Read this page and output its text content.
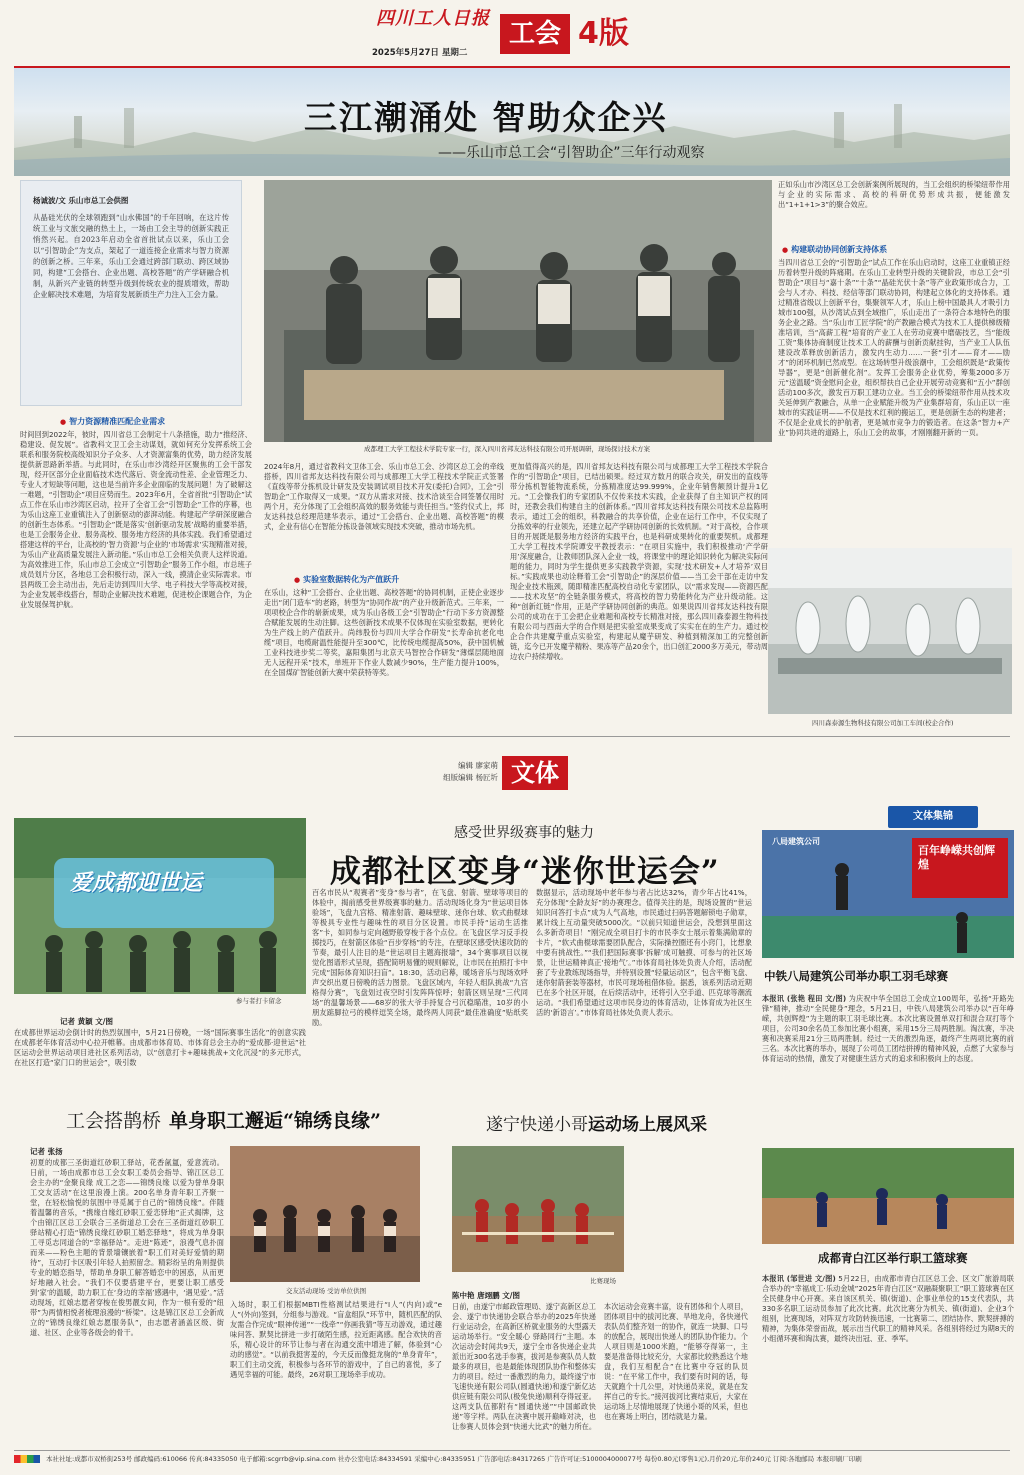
四川工人日报
2025年5月27日 星期二
工会 4版
三江潮涌处 智助众企兴
——乐山市总工会“引智助企”三年行动观察
杨诚波/文 乐山市总工会供图
从晶硅光伏的全球领跑到“山水佛国”的千年回响，在这片传统工业与文旅交融的热土上，一场由工会主导的创新实践正悄然兴起。自2023年启动全省首批试点以来，乐山工会以“引智助企”为支点，架起了一道连接企业需求与智力资源的创新之桥。三年来，乐山工会通过跨部门联动、跨区域协同，构建“工会搭台、企业出题、高校答题”的产学研融合机制，从新兴产业链的转型升级到传统农业的提质增效，帮助企业解决技术难题，为培育发展新质生产力注入工会力量。
成都理工大学工程技术学院专家一行，深入四川省邦友达科技有限公司开展调研，现场探讨技术方案
● 智力资源精准匹配企业需求
时间回到2022年，彼时，四川省总工会制定十八条措施，助力“推经济、稳建设、促发展”。省教科文卫工会主动谋划，就如何充分发挥系统工会联系和服务院校高级知识分子众多、人才资源富集的优势，助力经济发展提供新思路新举措。与此同时，在乐山市沙湾经开区聚焦的工会干部发现，经开区部分企业面临技术迭代落后、资金流动性差、企业管理乏力、专业人才短缺等问题，这也是当前许多企业面临的发展问题！为了破解这一难题，“引智助企”项目应势而生。2023年6月，全省首批“引智助企”试点工作在乐山市沙湾区启动，拉开了全省工会“引智助企”工作的序幕，也为乐山这座工业重镇注入了创新驱动的澎湃动能。构建起产学研深度融合的创新生态体系。“引智助企”既是落实‘创新驱动发展’战略的重要举措，也是工会服务企业、服务高校、服务地方经济的具体实践。我们希望通过搭建这样的平台，让高校的‘智力资源’与企业的‘市场需求’实现精准对接，为乐山产业高质量发展注入新动能。”乐山市总工会相关负责人这样说道。为高效推进工作，乐山市总工会成立“引智助企”服务工作小组，市总班子成员划片分区，各地总工会积极行动，深入一线，摸清企业实际需求。市县两级工会主动出击，先后走访到四川大学、电子科技大学等高校对接，为企业发展牵线搭台，帮助企业解决技术难题，促进校企课题合作，为企业发展保驾护航。
2024年8月，通过省教科文卫体工会、乐山市总工会、沙湾区总工会的牵线搭桥，四川省邦友达科技有限公司与成都理工大学工程技术学院正式签署《直线等带分拣机设计研发及安装调试项目技术开发(委托)合同》，工会“引智助企”工作取得又一成果。“双方从需求对接、技术洽谈至合同签署仅用时两个月，充分体现了工会组织高效的服务效能与责任担当。”签约仪式上，邦友达科技总经理范建华表示，通过“工会搭台、企业出题、高校答题”的模式，企业有信心在智能分拣设备领域实现技术突破，推动市场先机。
● 实验室数据转化为产值跃升
在乐山，这种“工会搭台、企业出题、高校答题”的协同机制，正使企业逐步走出“闭门造车”的老路，转型为“协同作战”的产业升级新范式。三年来，一项项校企合作的崭新成果，成为乐山各级工会“引智助企”行动下多方资源整合赋能发展的生动注脚。这些创新技术成果不仅体现在实验室数据，更转化为生产线上的产值跃升。尚纬股份与四川大学合作研发“长寿命抗老化电缆”项目，电缆耐温性能提升至300℃，比传统电缆提高50%，获中国机械工业科技进步奖二等奖，嘉阳集团与北京天马智控合作研发“薄煤层随地面无人远程开采”技术，单班开下作业人数减少90%，生产能力提升100%，在全国煤矿智能创新大赛中荣获特等奖。
更加值得高兴的是，四川省邦友达科技有限公司与成都理工大学工程技术学院合作的“引智助企”项目，已结出硕果。经过双方数月的联合攻关，研发出的直线等带分拣机智能物流系统，分拣精准度达99.999%，企业年销售额预计提升1亿元。“工会像我们的专家团队不仅传来技术实践，企业获得了自主知识产权的同时，还教会我们构建自主的创新体系。”四川省邦友达科技有限公司技术总监陈明表示，通过工会的组织，科教融合的共享价值，企业在运行工作中，不仅实现了分拣效率的行业领先，还建立起产学研协同创新的长效机制。“对于高校，合作项目的开展既是服务地方经济的实践平台，也是科研成果转化的重要契机。成都理工大学工程技术学院谭安平教授表示：“在项目实施中，我们积极推动‘产学研用’深度融合，让教师团队深入企业一线，将课堂中的理论知识转化为解决实际问题的能力，同时为学生提供更多实践教学资源，实现‘技术研发+人才培养’双目标。”实践成果也动诠释着工会“引智助企”的深层价值——当工会干部在走访中发现企业技术瓶颈，随即精准匹配高校自动化专家团队，以“需求发现——资源匹配——技术攻坚”的全链条服务模式，将高校的智力势能转化为产业升级动能。这种“创新红链”作用，正是产学研协同创新的典范。如果说四川省邦友达科技有限公司的成功在于工会把企业难题和高校专长精准对接，那么四川森泰源生物科技有限公司与西南大学的合作则是把实验室成果变成了实实在在的生产力。通过校企合作共建魔芋重点实验室，构建起从魔芋研发、种植到精深加工的完整创新链，迄今已开发魔芋精粉、果冻等产品20余个，出口创汇2000多万美元，带动周边农户持续增收。
正如乐山市沙湾区总工会创新案例所展现的，当工会组织的桥梁纽带作用与企业的实际需求、高校的科研优势形成共振，便能激发出“1+1+1>3”的聚合效应。
● 构建联动协同创新支持体系
当四川省总工会的“引智助企”试点工作在乐山启动时，这座工业重镇正经历着转型升级的阵痛期。在乐山工业转型升级的关键阶段，市总工会“引智助企”项目与“嘉十条”“十条”“晶硅光伏十条”等产业政策形成合力，工会与人才办、科技、经信等部门联动协同，构建起立体化的支持体系。通过精准省级以上创新平台，集聚领军人才，乐山上榜中国最具人才吸引力城市100强，从沙湾试点到全域推广，乐山走出了一条符合本地特色的服务企业之路。当“乐山市工匠学院”的产教融合模式为技术工人提供梯级精准培训，当“高薪工程”培育的产业工人在劳动竞赛中磨砺技艺，当“能级工资”集体协商制度让技术工人的薪酬与创新贡献挂钩，当产业工人队伍建设改革释放创新活力，激发内生动力……一套“引才——育才——励才”的闭环机制已然成型。在这场转型升级浪潮中，工会组织既是“政策传导器”，更是“创新催化剂”。发挥工会服务企业优势，筹集2000多万元“送温暖”资金慰问企业，组织帮扶自己企业开展劳动竞赛和“五小”群创活动100多次，激发百万职工建功立业。当工会的桥梁纽带作用从技术攻关延伸到产教融合，从单一企业赋能升级为产业集群培育，乐山正以一座城市的实践证明——不仅是技术红利的搬运工，更是创新生态的构建者；不仅是企业成长的护航者，更是城市竞争力的锻造者。在这条“智力+产业”协同共进的道路上，乐山工会的故事，才刚刚翻开新的一页。
四川森泰源生物科技有限公司加工车间(校企合作)
编辑 廖家萌
组版编辑 杨匠圻 文体
爱成都迎世运
参与者打卡留念
感受世界级赛事的魅力
成都社区变身“迷你世运会”
记者 黄颖 文/图
在成都世界运动会倒计时的热烈氛围中，5月21日傍晚，一场“国际赛事生活化”的创意实践在成都老年体育活动中心拉开帷幕。由成都市体育局、市体育总会主办的“爱成都·迎世运”社区运动会世界运动项目进社区系列活动，以“创意打卡+趣味挑战+文化沉浸”的多元形式，在社区打造“家门口的世运会”，吸引数
百名市民从“观赛者”变身“参与者”，在飞盘、射箭、壁球等项目的体验中，揭前感受世界级赛事的魅力。活动现场化身为“世运项目体验场”，飞盘九宫格、精准射箭、趣味壁球、迷你台球、软式曲棍球等极具专业性与趣味性的项目分区设置。市民手持“运动生活推客”卡，如同参与定向越野般穿梭于各个点位。在飞盘区学习反手投掷技巧，在射箭区体验“百步穿杨”的专注，在壁球区感受快速攻防的节奏，最引人注目的是“世运项目主题海报墙”，34个赛事项目以视觉化图谱形式呈现，搭配简明易懂的规则解说，让市民在拍照打卡中完成“国际体育知识扫盲”。18:30，活动启幕，暖场音乐与现场欢呼声交织出夏日傍晚的活力图景。飞盘区域内，年轻人组队挑战“九宫格得分赛”，飞盘划过夜空时引发阵阵惊呼；射箭区则呈现“三代同场”的温馨场景——68岁的张大爷手持复合弓沉稳瞄准，10岁的小朋友踮脚拉弓的模样逗笑全场，最终两人同获“最佳准确度”贴纸奖励。
数据显示，活动现场中老年参与者占比达32%，青少年占比41%，充分体现“全龄友好”的办赛理念。值得关注的是，现场设置的“世运知识问答打卡点”成为人气高地，市民通过扫码答题解锁电子勋章，累计线上互动量突破5000次。“以前只知道世运会，没想到里面这么多新奇项目！”刚完成全项目打卡的市民李女士展示着集满勋章的卡片，“软式曲棍球需要团队配合，实际操控圈还有小窍门，比想象中要有挑战性。”“我们把国际赛事‘拆解’成可触摸、可参与的社区场景，让世运精神真正‘接地气’。”市体育局社体处负责人介绍，活动配套了专业教练现场指导，并特别设置“轻量运动区”，包含平衡飞盘、迷你射箭套装等器材，市民可现场租借体验。据悉，该系列活动近期已在多个社区开展，在后续活动中，还将引入空手道、匹克球等潮流运动。“我们希望通过这项市民身边的体育活动，让体育成为社区生活的‘新语言’。”市体育局社体处负责人表示。
文体集锦
百年峥嵘共创辉煌
八局建筑公司
中铁八局建筑公司举办职工羽毛球赛
本报讯 (张艳 程田 文/图) 为庆祝中华全国总工会成立100周年，弘扬“开路先锋”精神，推动“全民健身”理念，5月21日，中铁八局建筑公司举办以“百年峥嵘，共创辉煌”为主题的职工羽毛球比赛。本次比赛设置单双打和混合双打等个项目，公司30余名员工参加比赛小组赛，采用15分三局两胜制。淘汰赛，半决赛和决赛采用21分三局两胜制。经过一天的激烈角逐，最终产生两项比赛的前三名。本次比赛的举办，展现了公司员工团结拼搏的精神风貌，点燃了大家参与体育运动的热情，激发了对健康生活方式的追求和积极向上的态度。
成都青白江区举行职工篮球赛
本报讯 (邹世进 文/图) 5月22日，由成都市青白江区总工会、区文广旅游局联合举办的“幸福成工·乐动金城”2025年青白江区“双融凝聚职工”职工篮球赛在区全民健身中心开赛。来自该区机关、镇(街道)、企事业单位的15支代表队，共330多名职工运动员参加了此次比赛。此次比赛分为机关、镇(街道)、企业3个组别，比赛现场，对阵双方攻防转换迅速，一比赛第二、团结协作、默契拼搏的精神，为集体荣誉而战，展示出当代职工的精神风采。各组别将经过为期8天的小组循环赛和淘汰赛，最终决出冠、亚、季军。
工会搭鹊桥 单身职工邂逅“锦绣良缘”
记者 张扬
初夏的成都三圣街道红砂职工驿站，花香氤氲，爱意流动。日前，一场由成都市总工会女职工委员会指导、锦江区总工会主办的“金聚良缘 成工之恋——锦绣良缘 以爱为誉单身职工交友活动”在这里浪漫上演。200名单身青年职工齐聚一堂，在轻松愉悦的氛围中寻觅属于自己的“锦绣良缘”。伴随着温馨的音乐，“携缘自缘红砂职工爱恋驿地”正式揭牌，这个由锦江区总工会联合三圣街道总工会在三圣街道红砂职工驿站精心打造“锦绣良缘红砂职工婚恋驿地”，将成为单身职工寻觅志同道合的“幸福驿站”。走进“陈迹”，浪漫气息扑面而来——粉色主题的背景墙镶嵌着“职工们对美好爱情的期待”，互动打卡区吸引年轻人拍照留念。精彩纷呈的角则提供专业的婚恋指导，帮助单身职工解答婚恋中的困惑，从而更好地融入社会。“我们不仅要搭建平台，更要让职工感受到‘家’的温暖，助力职工在‘身边的幸福’感遇中，‘遇见爱’。”活动现场，红娘志愿者穿梭在俊男靓女间，作为一根有爱的“纽带”为两情相悦者梳理浪漫的“桥梁”。这是锦江区总工会新成立的“锦绣良缘红娘志愿服务队”，由志愿者涵盖区级、街道、社区、企业等各级会的骨干。
交友活动现场 受访单位供图
入场时，职工们根据MBTI性格测试结果进行“I人”(内向)或“e人”(外向)签到，分组参与游戏。“盲盒组队”环节中，随机匹配的队友需合作完成“眼神传递”“一线牵”“你画我猜”等互动游戏，通过趣味问答、默契比拼进一步打破陌生感，拉近距离感。配合欢快的音乐，精心设计的环节让参与者在沟通交流中增进了解，体验到“心动的感觉”。“以前我挺害羞的，今天反而像挺龙驹的“单身青年”，职工们主动交流，积极参与各环节的游戏中，了自己的喜悦，多了遇见幸福的可能。最终，26对职工现场牵手成功。
遂宁快递小哥运动场上展风采
比赛现场
陈中艳 唐翊鹏 文/图
日前，由遂宁市邮政管理局、遂宁高新区总工会、遂宁市快递协会联合举办的2025年快递行业运动会，在高新区桥就业服务的大型露天运动场举行。“安全暖心 驿路同行”主题。本次运动会时间共9天，遂宁全市各快递企业共派出近300名选手参赛，拔河是参赛队员人数最多的项目，也是最能体现团队协作和整体实力的项目。经过一番激烈的角力，最终遂宁市飞速快递有限公司队(圆通快递)和遂宁新亿达供应链有限公司队(极兔快递)顺利夺得冠亚。这两支队伍都附有“圆通快递”“中国邮政快递”等字样。两队在决赛中展开巅峰对决，也让参赛人员体会到“快递大比武”的魅力所在。本次运动会竞赛丰富，设有团体和个人项目，团体项目中的拔河比赛、旱地龙舟，各快递代表队员们整齐划一的协作，就连一块脚、口号的放配合，展现出快递人的团队协作能力。个人项目则是1000米跑，“能够夺得第一，主要是准备得比较充分，大家都比较熟悉这个地盘，我们互相配合”在比赛中夺冠的队员说：“在平常工作中，我们要有时间的话，每天就跑个十几公里，对快递员来说，就是在发挥自己的专长。”接河拔河比赛结束后，大家在运动场上尽情地展现了快递小哥的风采，但也也在赛场上明白，团结就是力量。
本社社址:成都市双桥街253号 邮政编码:610066 传真:84335050 电子邮箱:scgrrb@vip.sina.com 社办公室电话:84334591 采编中心:84335951 广告部电话:84317265 广告许可证:5100004000077号 每份0.80元(零售1元),月价20元,年价240元 订阅:各地邮局 本报印刷厂印刷
